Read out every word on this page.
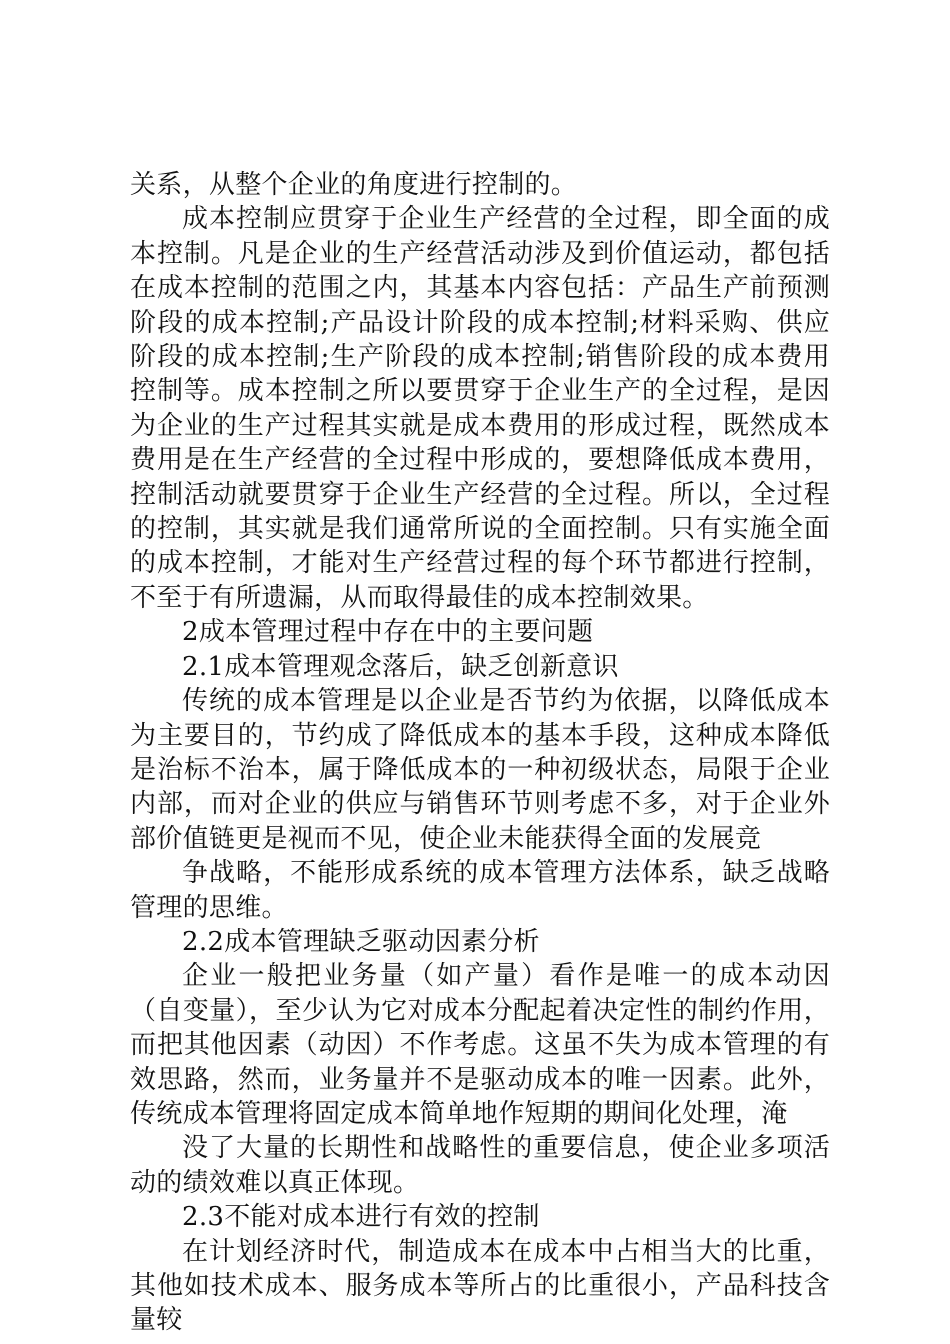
关系，从整个企业的角度进行控制的。

成本控制应贯穿于企业生产经营的全过程，即全面的成本控制。凡是企业的生产经营活动涉及到价值运动，都包括在成本控制的范围之内，其基本内容包括：产品生产前预测阶段的成本控制;产品设计阶段的成本控制;材料采购、供应阶段的成本控制;生产阶段的成本控制;销售阶段的成本费用控制等。成本控制之所以要贯穿于企业生产的全过程，是因为企业的生产过程其实就是成本费用的形成过程，既然成本费用是在生产经营的全过程中形成的，要想降低成本费用，控制活动就要贯穿于企业生产经营的全过程。所以，全过程的控制，其实就是我们通常所说的全面控制。只有实施全面的成本控制，才能对生产经营过程的每个环节都进行控制，不至于有所遗漏，从而取得最佳的成本控制效果。

2成本管理过程中存在中的主要问题

2.1成本管理观念落后，缺乏创新意识

传统的成本管理是以企业是否节约为依据，以降低成本为主要目的，节约成了降低成本的基本手段，这种成本降低是治标不治本，属于降低成本的一种初级状态，局限于企业内部，而对企业的供应与销售环节则考虑不多，对于企业外部价值链更是视而不见，使企业未能获得全面的发展竞

争战略，不能形成系统的成本管理方法体系，缺乏战略管理的思维。

2.2成本管理缺乏驱动因素分析

企业一般把业务量（如产量）看作是唯一的成本动因（自变量），至少认为它对成本分配起着决定性的制约作用，而把其他因素（动因）不作考虑。这虽不失为成本管理的有效思路，然而，业务量并不是驱动成本的唯一因素。此外，传统成本管理将固定成本简单地作短期的期间化处理，淹

没了大量的长期性和战略性的重要信息，使企业多项活动的绩效难以真正体现。

2.3不能对成本进行有效的控制

在计划经济时代，制造成本在成本中占相当大的比重，其他如技术成本、服务成本等所占的比重很小，产品科技含量较
